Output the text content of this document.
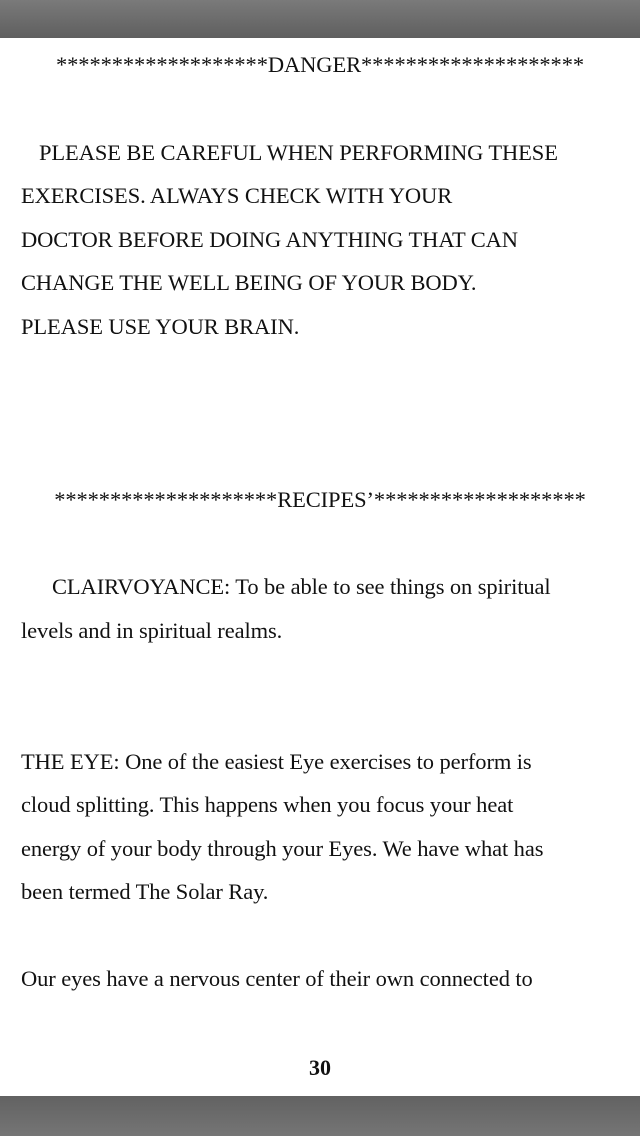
*******************DANGER********************
PLEASE BE CAREFUL WHEN PERFORMING THESE
EXERCISES. ALWAYS CHECK WITH YOUR
DOCTOR BEFORE DOING ANYTHING THAT CAN
CHANGE THE WELL BEING OF YOUR BODY.
PLEASE USE YOUR BRAIN.
********************RECIPES’*******************
CLAIRVOYANCE: To be able to see things on spiritual
levels and in spiritual realms.
THE EYE: One of the easiest Eye exercises to perform is
cloud splitting. This happens when you focus your heat
energy of your body through your Eyes. We have what has
been termed The Solar Ray.
Our eyes have a nervous center of their own connected to
30
